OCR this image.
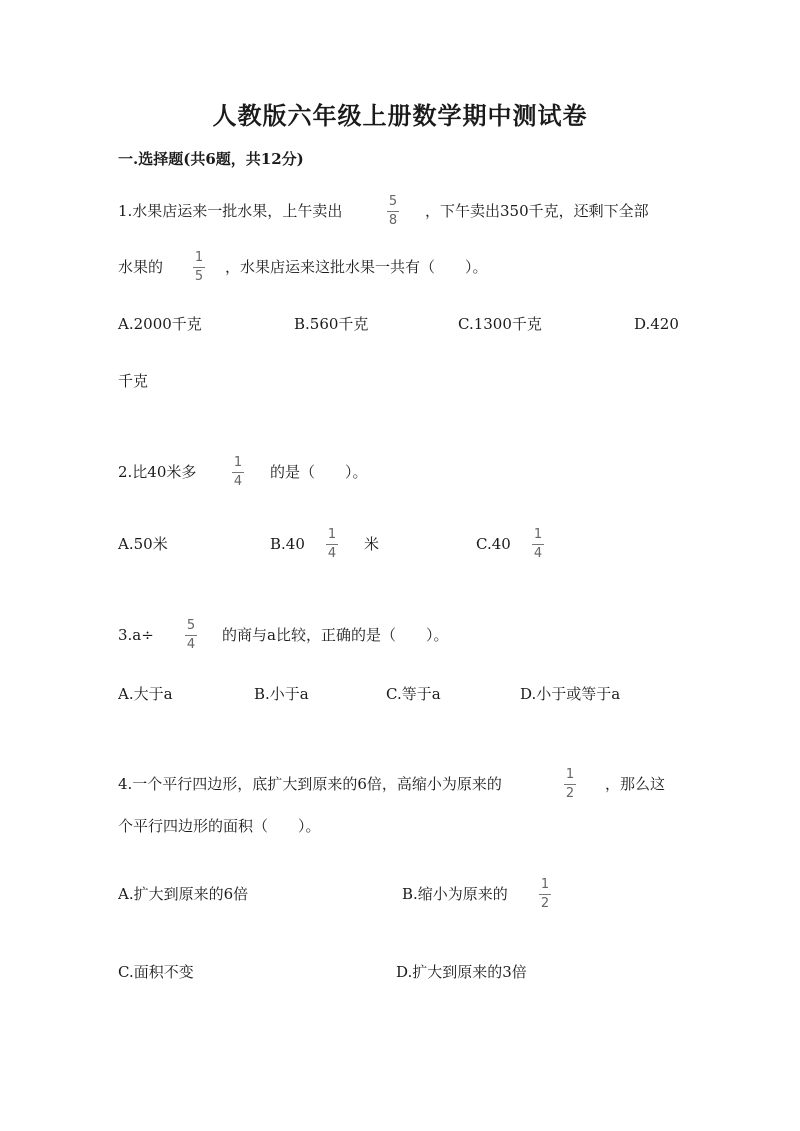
人教版六年级上册数学期中测试卷
一.选择题(共6题，共12分)
1.水果店运来一批水果，上午卖出
5
8
，下午卖出350千克，还剩下全部
水果的
1
5
，水果店运来这批水果一共有（　　）。
A.2000千克	B.560千克	C.1300千克	D.420
千克
2.比40米多
1
4
的是（　　）。
A.50米	B.40
1
4
米	C.40
1
4
3.a÷
5
4
的商与a比较，正确的是（　　）。
A.大于a	B.小于a	C.等于a	D.小于或等于a
4.一个平行四边形，底扩大到原来的6倍，高缩小为原来的
1
2
，那么这
个平行四边形的面积（　　）。
A.扩大到原来的6倍	B.缩小为原来的
1
2
C.面积不变	D.扩大到原来的3倍
